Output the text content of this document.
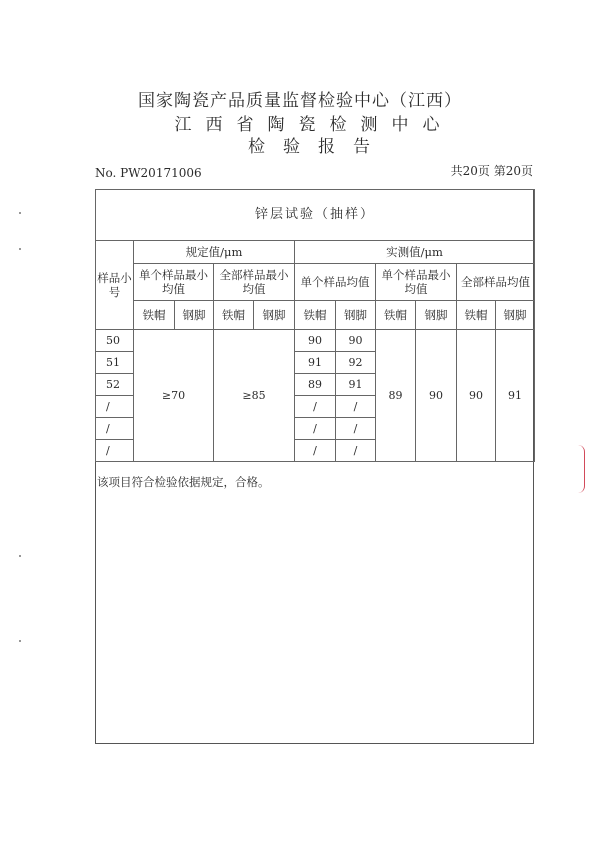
国家陶瓷产品质量监督检验中心（江西）
江西省陶瓷检测中心
检验报告
No. PW20171006	共20页 第20页
锌层试验（抽样）										
样品小号	规定值/μm				实测值/μm					
	单个样品最小均值		全部样品最小均值		单个样品均值		单个样品最小均值		全部样品均值	
	铁帽	钢脚	铁帽	钢脚	铁帽	钢脚	铁帽	钢脚	铁帽	钢脚
50	≥70		≥85		90	90	89	90	90	91
51					91	92				
52					89	91				
/					/	/				
/					/	/				
/					/	/				
该项目符合检验依据规定，合格。
